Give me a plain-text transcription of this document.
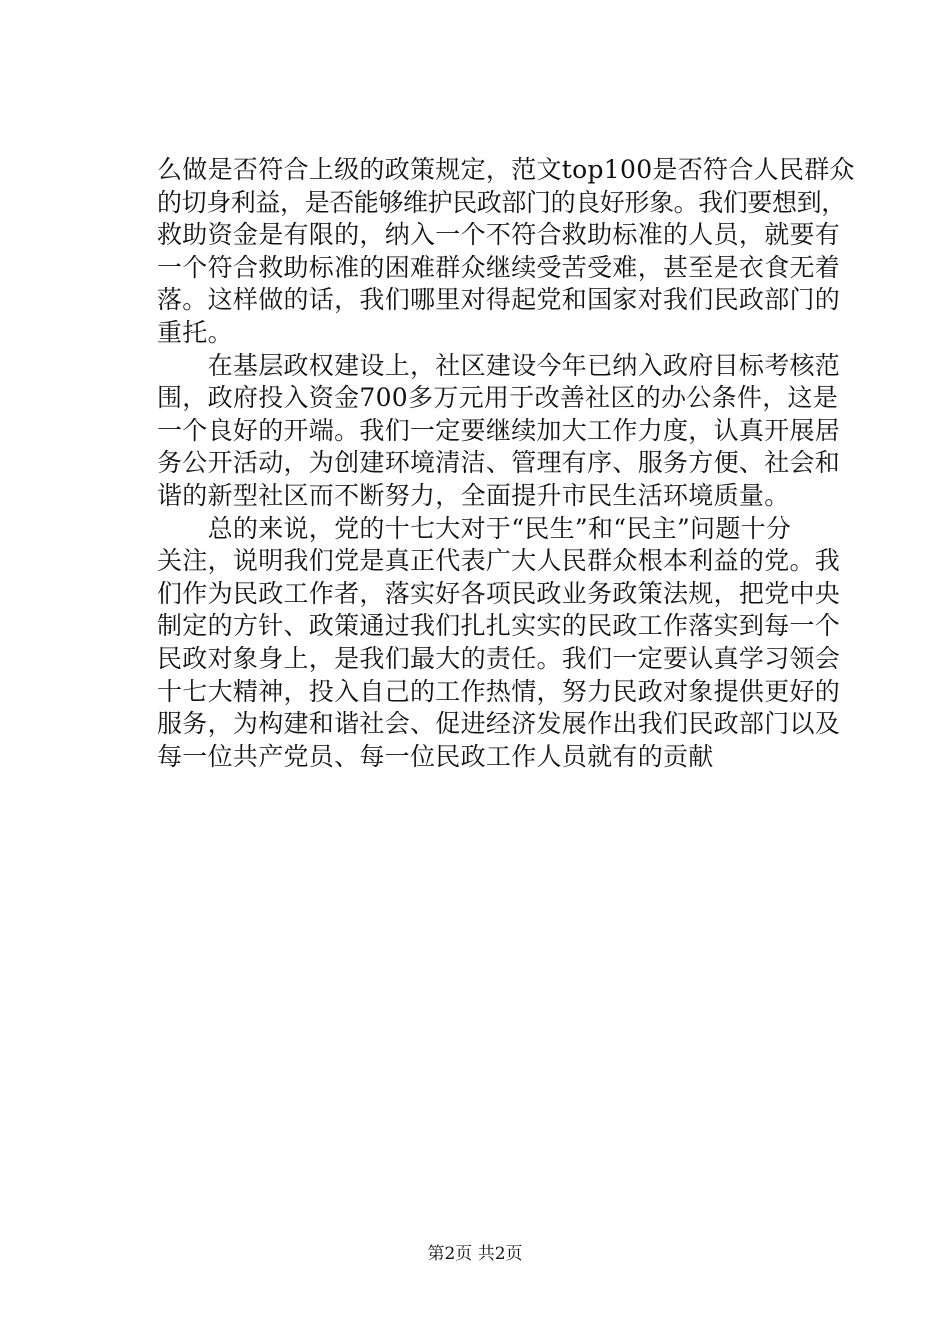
么做是否符合上级的政策规定，范文top100是否符合人民群众
的切身利益，是否能够维护民政部门的良好形象。我们要想到，
救助资金是有限的，纳入一个不符合救助标准的人员，就要有
一个符合救助标准的困难群众继续受苦受难，甚至是衣食无着
落。这样做的话，我们哪里对得起党和国家对我们民政部门的
重托。
　　在基层政权建设上，社区建设今年已纳入政府目标考核范
围，政府投入资金700多万元用于改善社区的办公条件，这是
一个良好的开端。我们一定要继续加大工作力度，认真开展居
务公开活动，为创建环境清洁、管理有序、服务方便、社会和
谐的新型社区而不断努力，全面提升市民生活环境质量。
　　总的来说，党的十七大对于“民生”和“民主”问题十分
关注，说明我们党是真正代表广大人民群众根本利益的党。我
们作为民政工作者，落实好各项民政业务政策法规，把党中央
制定的方针、政策通过我们扎扎实实的民政工作落实到每一个
民政对象身上，是我们最大的责任。我们一定要认真学习领会
十七大精神，投入自己的工作热情，努力民政对象提供更好的
服务，为构建和谐社会、促进经济发展作出我们民政部门以及
每一位共产党员、每一位民政工作人员就有的贡献
第2页 共2页
